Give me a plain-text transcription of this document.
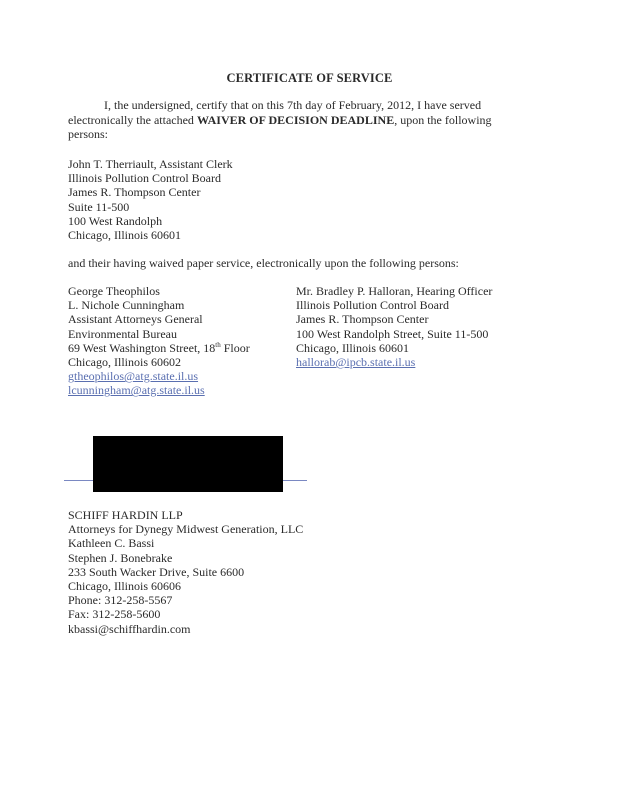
CERTIFICATE OF SERVICE
I, the undersigned, certify that on this 7th day of February, 2012, I have served
electronically the attached WAIVER OF DECISION DEADLINE, upon the following
persons:
John T. Therriault, Assistant Clerk
Illinois Pollution Control Board
James R. Thompson Center
Suite 11-500
100 West Randolph
Chicago, Illinois 60601
and their having waived paper service, electronically upon the following persons:
George Theophilos
L. Nichole Cunningham
Assistant Attorneys General
Environmental Bureau
69 West Washington Street, 18th Floor
Chicago, Illinois 60602
gtheophilos@atg.state.il.us
lcunningham@atg.state.il.us
Mr. Bradley P. Halloran, Hearing Officer
Illinois Pollution Control Board
James R. Thompson Center
100 West Randolph Street, Suite 11-500
Chicago, Illinois 60601
hallorab@ipcb.state.il.us
SCHIFF HARDIN LLP
Attorneys for Dynegy Midwest Generation, LLC
Kathleen C. Bassi
Stephen J. Bonebrake
233 South Wacker Drive, Suite 6600
Chicago, Illinois 60606
Phone: 312-258-5567
Fax: 312-258-5600
kbassi@schiffhardin.com
